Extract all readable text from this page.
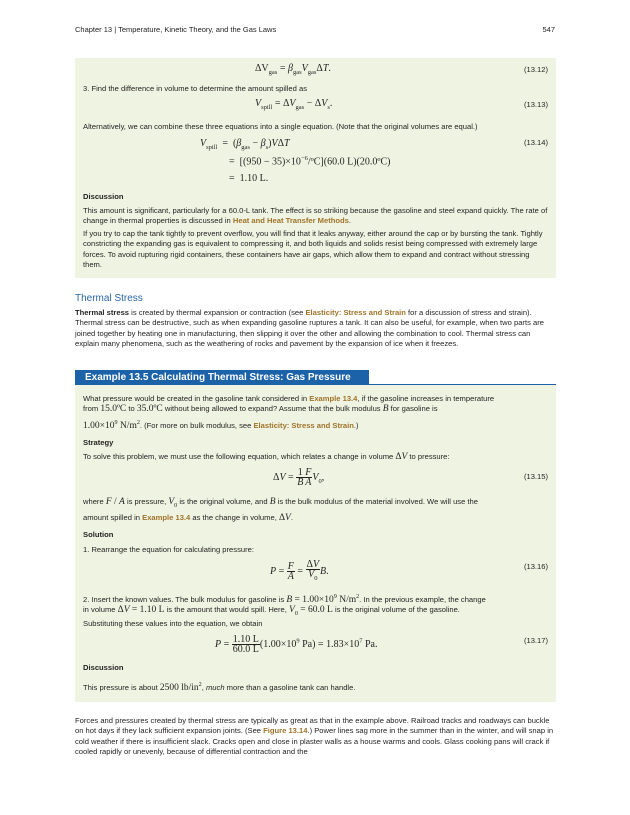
Chapter 13 | Temperature, Kinetic Theory, and the Gas Laws	547
$\Delta V_{gas} = \beta_{gas}V_{gas}\Delta T$.	(13.12)
3. Find the difference in volume to determine the amount spilled as
$V_{spill} = \Delta V_{gas} - \Delta V_s$.	(13.13)
Alternatively, we can combine these three equations into a single equation. (Note that the original volumes are equal.)
$V_{spill} = (\beta_{gas} - \beta_s)V\Delta T$	(13.14)
=  $[(950 - 35)\times 10^{-6}/ºC](60.0$ L)(20.0ºC)
=  1.10 L.
Discussion
This amount is significant, particularly for a 60.0-L tank. The effect is so striking because the gasoline and steel expand quickly. The rate of change in thermal properties is discussed in Heat and Heat Transfer Methods.
If you try to cap the tank tightly to prevent overflow, you will find that it leaks anyway, either around the cap or by bursting the tank. Tightly constricting the expanding gas is equivalent to compressing it, and both liquids and solids resist being compressed with extremely large forces. To avoid rupturing rigid containers, these containers have air gaps, which allow them to expand and contract without stressing them.
Thermal Stress
Thermal stress is created by thermal expansion or contraction (see Elasticity: Stress and Strain for a discussion of stress and strain). Thermal stress can be destructive, such as when expanding gasoline ruptures a tank. It can also be useful, for example, when two parts are joined together by heating one in manufacturing, then slipping it over the other and allowing the combination to cool. Thermal stress can explain many phenomena, such as the weathering of rocks and pavement by the expansion of ice when it freezes.
Example 13.5 Calculating Thermal Stress: Gas Pressure
What pressure would be created in the gasoline tank considered in Example 13.4, if the gasoline increases in temperature
from 15.0ºC to 35.0ºC without being allowed to expand? Assume that the bulk modulus B for gasoline is
$1.00\times 10^9$ $N/m^2$. (For more on bulk modulus, see Elasticity: Stress and Strain.)
Strategy
To solve this problem, we must use the following equation, which relates a change in volume ΔV to pressure:
$\Delta V = \frac{1}{B} \frac{F}{A} V_0$,	(13.15)
where F / A is pressure, $V_0$ is the original volume, and B is the bulk modulus of the material involved. We will use the
amount spilled in Example 13.4 as the change in volume, ΔV.
Solution
1. Rearrange the equation for calculating pressure:
$P = \frac{F}{A} = \frac{\Delta V}{V_0} B$.	(13.16)
2. Insert the known values. The bulk modulus for gasoline is $B = 1.00\times 10^9$ $N/m^2$. In the previous example, the change
in volume ΔV = 1.10 L is the amount that would spill. Here, $V_0 = 60.0$ L is the original volume of the gasoline.
Substituting these values into the equation, we obtain
$P = \frac{1.10 L}{60.0 L} (1.00\times 10^9$ $Pa) = 1.83\times 10^7$ Pa.	(13.17)
Discussion
This pressure is about 2500 $lb/in^2$, much more than a gasoline tank can handle.
Forces and pressures created by thermal stress are typically as great as that in the example above. Railroad tracks and roadways can buckle on hot days if they lack sufficient expansion joints. (See Figure 13.14.) Power lines sag more in the summer than in the winter, and will snap in cold weather if there is insufficient slack. Cracks open and close in plaster walls as a house warms and cools. Glass cooking pans will crack if cooled rapidly or unevenly, because of differential contraction and the
